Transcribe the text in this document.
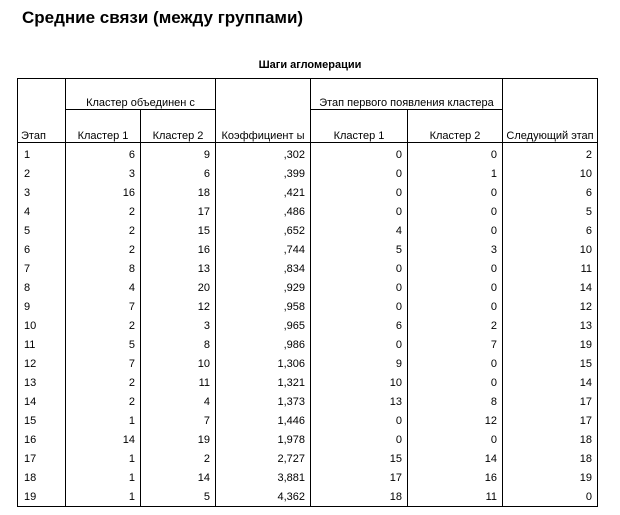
Средние связи (между группами)
Шаги агломерации
Этап	Кластер объединен с		Коэффициент ы	Этап первого появления кластера		Следующий этап
	Кластер 1	Кластер 2		Кластер 1	Кластер 2	
1	6	9	,302	0	0	2
2	3	6	,399	0	1	10
3	16	18	,421	0	0	6
4	2	17	,486	0	0	5
5	2	15	,652	4	0	6
6	2	16	,744	5	3	10
7	8	13	,834	0	0	11
8	4	20	,929	0	0	14
9	7	12	,958	0	0	12
10	2	3	,965	6	2	13
11	5	8	,986	0	7	19
12	7	10	1,306	9	0	15
13	2	11	1,321	10	0	14
14	2	4	1,373	13	8	17
15	1	7	1,446	0	12	17
16	14	19	1,978	0	0	18
17	1	2	2,727	15	14	18
18	1	14	3,881	17	16	19
19	1	5	4,362	18	11	0
